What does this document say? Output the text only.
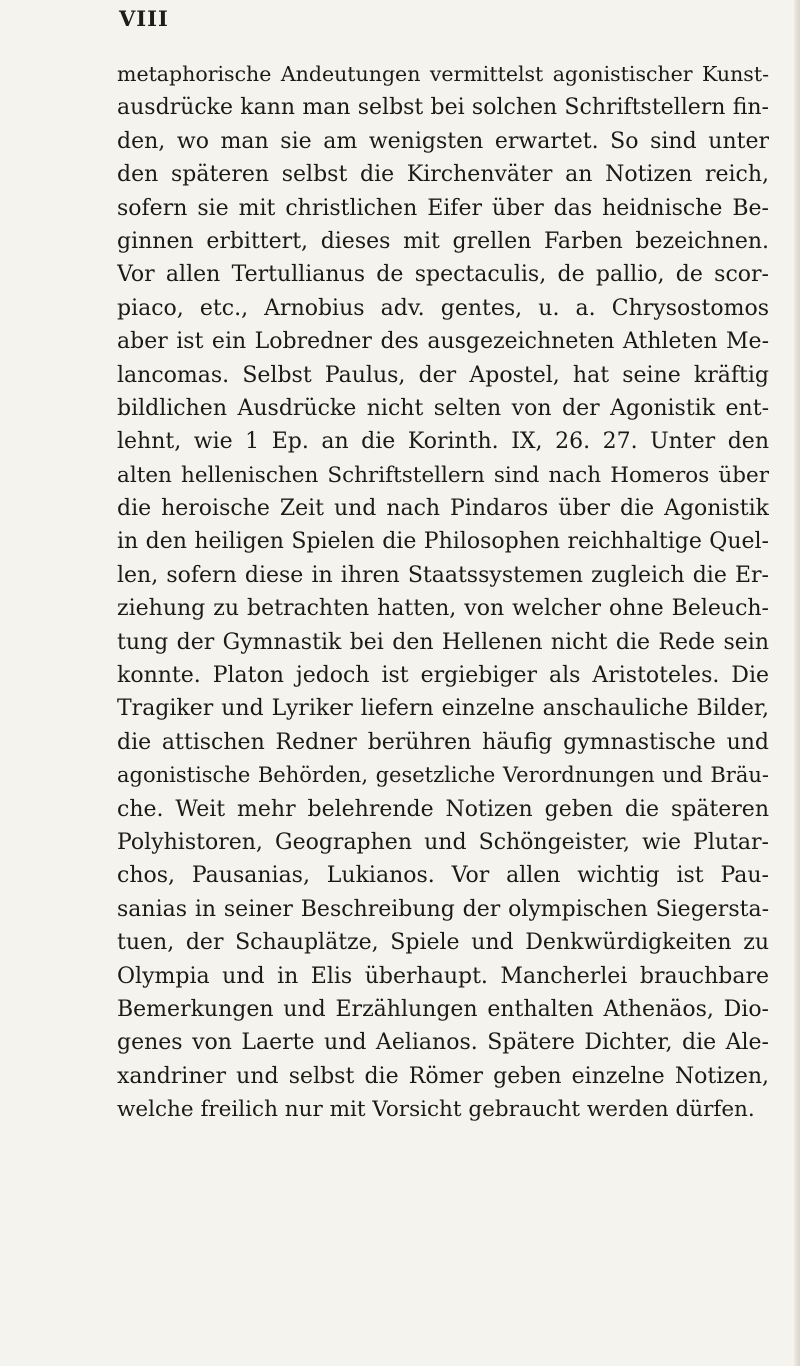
VIII
metaphorische Andeutungen vermittelst agonistischer Kunst-
ausdrücke kann man selbst bei solchen Schriftstellern fin-
den, wo man sie am wenigsten erwartet. So sind unter
den späteren selbst die Kirchenväter an Notizen reich,
sofern sie mit christlichen Eifer über das heidnische Be-
ginnen erbittert, dieses mit grellen Farben bezeichnen.
Vor allen Tertullianus de spectaculis, de pallio, de scor-
piaco, etc., Arnobius adv. gentes, u. a. Chrysostomos
aber ist ein Lobredner des ausgezeichneten Athleten Me-
lancomas. Selbst Paulus, der Apostel, hat seine kräftig
bildlichen Ausdrücke nicht selten von der Agonistik ent-
lehnt, wie 1 Ep. an die Korinth. IX, 26. 27. Unter den
alten hellenischen Schriftstellern sind nach Homeros über
die heroische Zeit und nach Pindaros über die Agonistik
in den heiligen Spielen die Philosophen reichhaltige Quel-
len, sofern diese in ihren Staatssystemen zugleich die Er-
ziehung zu betrachten hatten, von welcher ohne Beleuch-
tung der Gymnastik bei den Hellenen nicht die Rede sein
konnte. Platon jedoch ist ergiebiger als Aristoteles. Die
Tragiker und Lyriker liefern einzelne anschauliche Bilder,
die attischen Redner berühren häufig gymnastische und
agonistische Behörden, gesetzliche Verordnungen und Bräu-
che. Weit mehr belehrende Notizen geben die späteren
Polyhistoren, Geographen und Schöngeister, wie Plutar-
chos, Pausanias, Lukianos. Vor allen wichtig ist Pau-
sanias in seiner Beschreibung der olympischen Siegersta-
tuen, der Schauplätze, Spiele und Denkwürdigkeiten zu
Olympia und in Elis überhaupt. Mancherlei brauchbare
Bemerkungen und Erzählungen enthalten Athenäos, Dio-
genes von Laerte und Aelianos. Spätere Dichter, die Ale-
xandriner und selbst die Römer geben einzelne Notizen,
welche freilich nur mit Vorsicht gebraucht werden dürfen.
